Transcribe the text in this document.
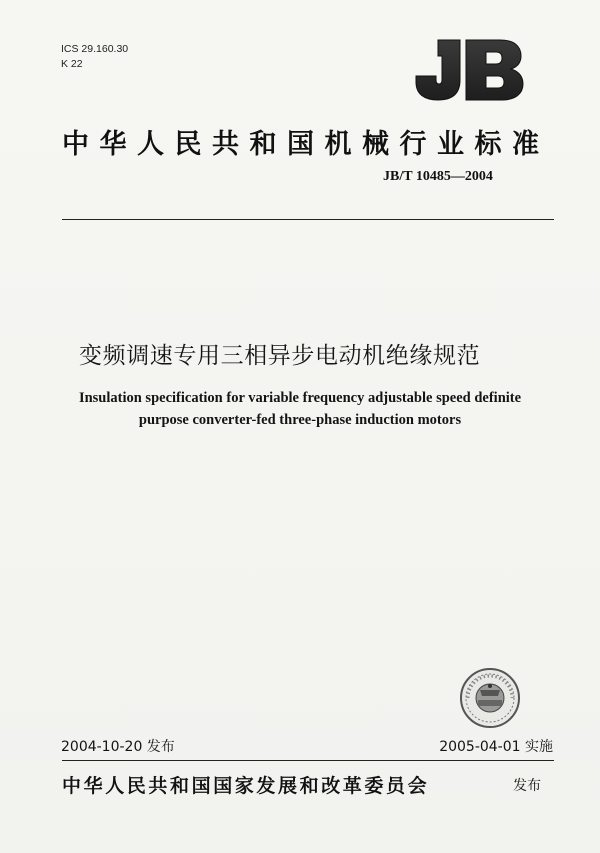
ICS 29.160.30
K 22
中华人民共和国机械行业标准
JB/T 10485—2004
变频调速专用三相异步电动机绝缘规范
Insulation specification for variable frequency adjustable speed definite
purpose converter-fed three-phase induction motors
2004-10-20 发布	2005-04-01 实施
中华人民共和国国家发展和改革委员会	发布
